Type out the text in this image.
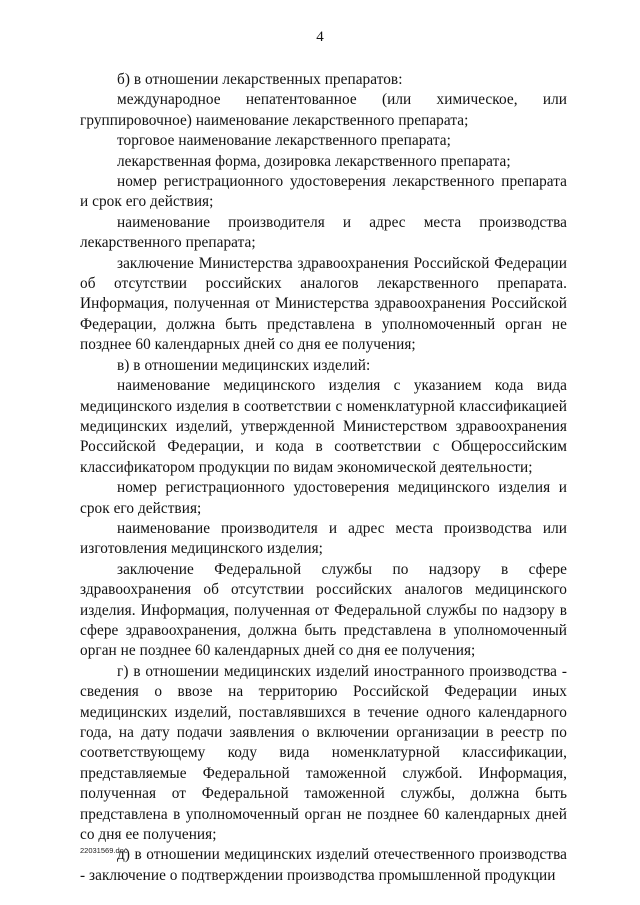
4

б) в отношении лекарственных препаратов:

международное непатентованное (или химическое, или группировочное) наименование лекарственного препарата;

торговое наименование лекарственного препарата;

лекарственная форма, дозировка лекарственного препарата;

номер регистрационного удостоверения лекарственного препарата и срок его действия;

наименование производителя и адрес места производства лекарственного препарата;

заключение Министерства здравоохранения Российской Федерации об отсутствии российских аналогов лекарственного препарата. Информация, полученная от Министерства здравоохранения Российской Федерации, должна быть представлена в уполномоченный орган не позднее 60 календарных дней со дня ее получения;

в) в отношении медицинских изделий:

наименование медицинского изделия с указанием кода вида медицинского изделия в соответствии с номенклатурной классификацией медицинских изделий, утвержденной Министерством здравоохранения Российской Федерации, и кода в соответствии с Общероссийским классификатором продукции по видам экономической деятельности;

номер регистрационного удостоверения медицинского изделия и срок его действия;

наименование производителя и адрес места производства или изготовления медицинского изделия;

заключение Федеральной службы по надзору в сфере здравоохранения об отсутствии российских аналогов медицинского изделия. Информация, полученная от Федеральной службы по надзору в сфере здравоохранения, должна быть представлена в уполномоченный орган не позднее 60 календарных дней со дня ее получения;

г) в отношении медицинских изделий иностранного производства - сведения о ввозе на территорию Российской Федерации иных медицинских изделий, поставлявшихся в течение одного календарного года, на дату подачи заявления о включении организации в реестр по соответствующему коду вида номенклатурной классификации, представляемые Федеральной таможенной службой. Информация, полученная от Федеральной таможенной службы, должна быть представлена в уполномоченный орган не позднее 60 календарных дней со дня ее получения;

д) в отношении медицинских изделий отечественного производства - заключение о подтверждении производства промышленной продукции

22031569.doc
